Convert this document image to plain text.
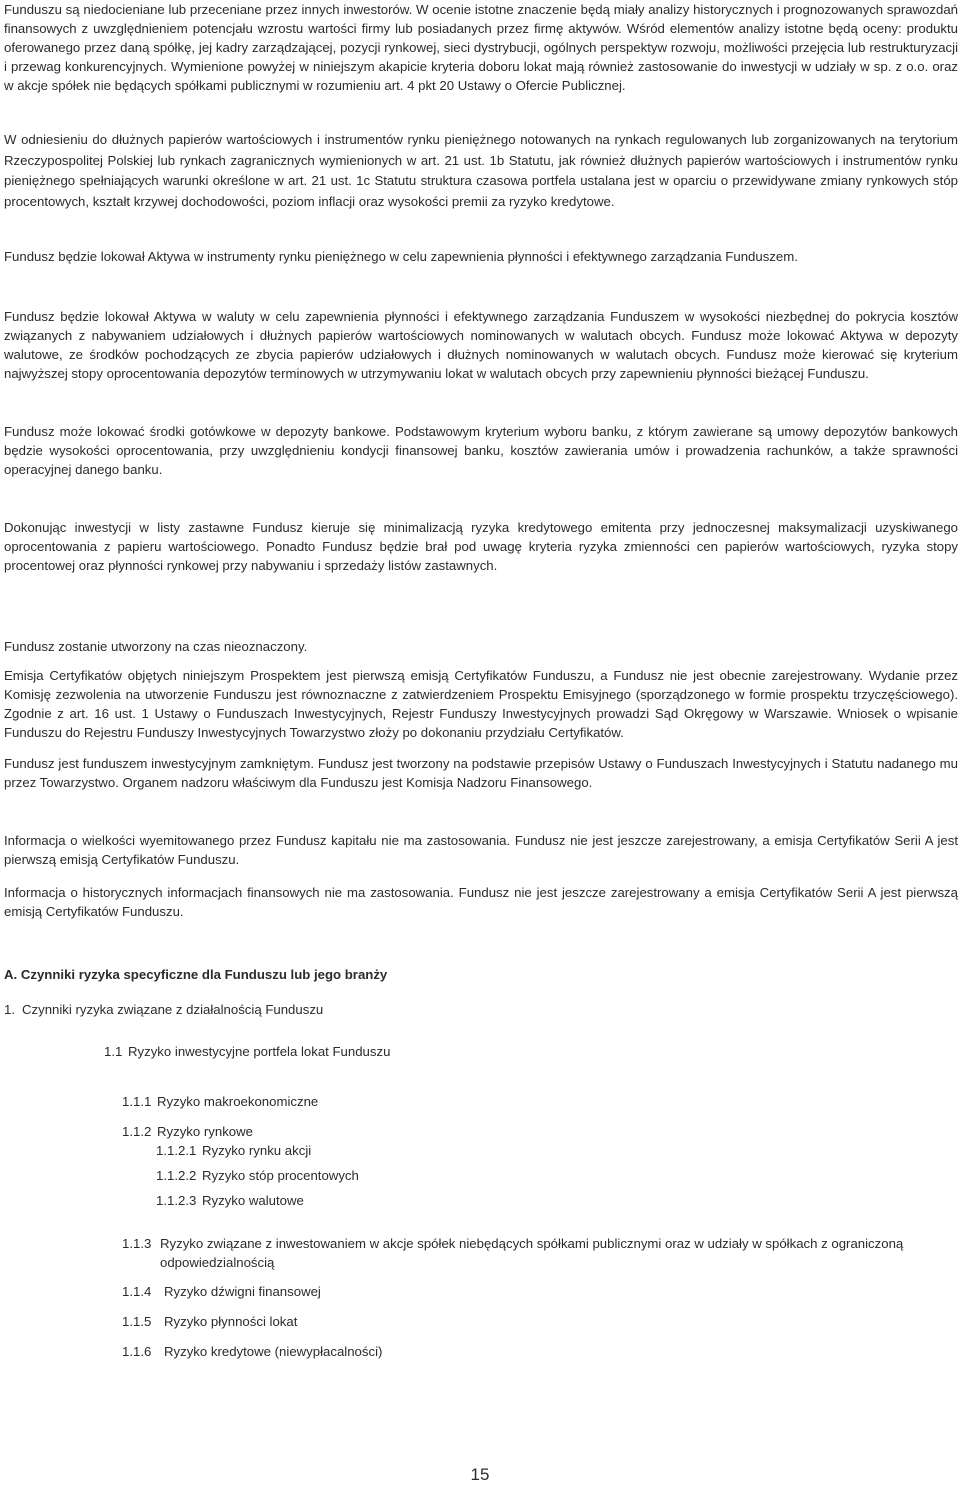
Funduszu są niedocieniane lub przeceniane przez innych inwestorów. W ocenie istotne znaczenie będą miały analizy historycznych i prognozowanych sprawozdań finansowych z uwzględnieniem potencjału wzrostu wartości firmy lub posiadanych przez firmę aktywów. Wśród elementów analizy istotne będą oceny: produktu oferowanego przez daną spółkę, jej kadry zarządzającej, pozycji rynkowej, sieci dystrybucji, ogólnych perspektyw rozwoju, możliwości przejęcia lub restrukturyzacji i przewag konkurencyjnych. Wymienione powyżej w niniejszym akapicie kryteria doboru lokat mają również zastosowanie do inwestycji w udziały w sp. z o.o. oraz w akcje spółek nie będących spółkami publicznymi w rozumieniu art. 4 pkt 20 Ustawy o Ofercie Publicznej.

W odniesieniu do dłużnych papierów wartościowych i instrumentów rynku pieniężnego notowanych na rynkach regulowanych lub zorganizowanych na terytorium Rzeczypospolitej Polskiej lub rynkach zagranicznych wymienionych w art. 21 ust. 1b Statutu, jak również dłużnych papierów wartościowych i instrumentów rynku pieniężnego spełniających warunki określone w art. 21 ust. 1c Statutu struktura czasowa portfela ustalana jest w oparciu o przewidywane zmiany rynkowych stóp procentowych, kształt krzywej dochodowości, poziom inflacji oraz wysokości premii za ryzyko kredytowe.

Fundusz będzie lokował Aktywa w instrumenty rynku pieniężnego w celu zapewnienia płynności i efektywnego zarządzania Funduszem.

Fundusz będzie lokował Aktywa w waluty w celu zapewnienia płynności i efektywnego zarządzania Funduszem w wysokości niezbędnej do pokrycia kosztów związanych z nabywaniem udziałowych i dłużnych papierów wartościowych nominowanych w walutach obcych. Fundusz może lokować Aktywa w depozyty walutowe, ze środków pochodzących ze zbycia papierów udziałowych i dłużnych nominowanych w walutach obcych. Fundusz może kierować się kryterium najwyższej stopy oprocentowania depozytów terminowych w utrzymywaniu lokat w walutach obcych przy zapewnieniu płynności bieżącej Funduszu.

Fundusz może lokować środki gotówkowe w depozyty bankowe. Podstawowym kryterium wyboru banku, z którym zawierane są umowy depozytów bankowych będzie wysokości oprocentowania, przy uwzględnieniu kondycji finansowej banku, kosztów zawierania umów i prowadzenia rachunków, a także sprawności operacyjnej danego banku.

Dokonując inwestycji w listy zastawne Fundusz kieruje się minimalizacją ryzyka kredytowego emitenta przy jednoczesnej maksymalizacji uzyskiwanego oprocentowania z papieru wartościowego. Ponadto Fundusz będzie brał pod uwagę kryteria ryzyka zmienności cen papierów wartościowych, ryzyka stopy procentowej oraz płynności rynkowej przy nabywaniu i sprzedaży listów zastawnych.

Fundusz zostanie utworzony na czas nieoznaczony.

Emisja Certyfikatów objętych niniejszym Prospektem jest pierwszą emisją Certyfikatów Funduszu, a Fundusz nie jest obecnie zarejestrowany. Wydanie przez Komisję zezwolenia na utworzenie Funduszu jest równoznaczne z zatwierdzeniem Prospektu Emisyjnego (sporządzonego w formie prospektu trzyczęściowego). Zgodnie z art. 16 ust. 1 Ustawy o Funduszach Inwestycyjnych, Rejestr Funduszy Inwestycyjnych prowadzi Sąd Okręgowy w Warszawie. Wniosek o wpisanie Funduszu do Rejestru Funduszy Inwestycyjnych Towarzystwo złoży po dokonaniu przydziału Certyfikatów.

Fundusz jest funduszem inwestycyjnym zamkniętym. Fundusz jest tworzony na podstawie przepisów Ustawy o Funduszach Inwestycyjnych i Statutu nadanego mu przez Towarzystwo. Organem nadzoru właściwym dla Funduszu jest Komisja Nadzoru Finansowego.

Informacja o wielkości wyemitowanego przez Fundusz kapitału nie ma zastosowania. Fundusz nie jest jeszcze zarejestrowany, a emisja Certyfikatów Serii A jest pierwszą emisją Certyfikatów Funduszu.

Informacja o historycznych informacjach finansowych nie ma zastosowania. Fundusz nie jest jeszcze zarejestrowany a emisja Certyfikatów Serii A jest pierwszą emisją Certyfikatów Funduszu.

A. Czynniki ryzyka specyficzne dla Funduszu lub jego branży

1. Czynniki ryzyka związane z działalnością Funduszu
1.1 Ryzyko inwestycyjne portfela lokat Funduszu
1.1.1 Ryzyko makroekonomiczne
1.1.2 Ryzyko rynkowe
1.1.2.1 Ryzyko rynku akcji
1.1.2.2 Ryzyko stóp procentowych
1.1.2.3 Ryzyko walutowe
1.1.3 Ryzyko związane z inwestowaniem w akcje spółek niebędących spółkami publicznymi oraz w udziały w spółkach z ograniczoną odpowiedzialnością
1.1.4 Ryzyko dźwigni finansowej
1.1.5 Ryzyko płynności lokat
1.1.6 Ryzyko kredytowe (niewypłacalności)
15
